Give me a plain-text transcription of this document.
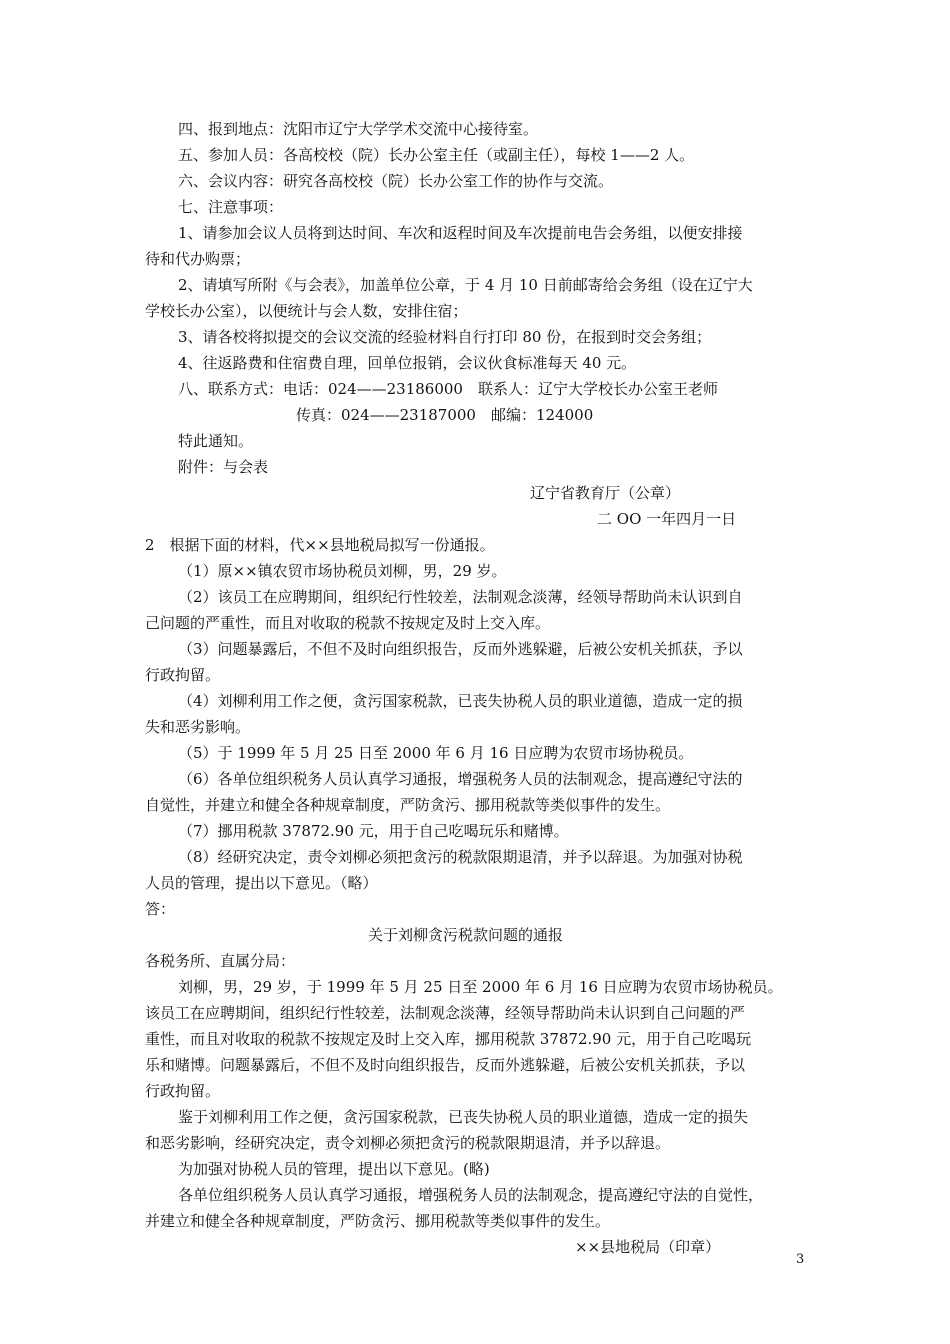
四、报到地点：沈阳市辽宁大学学术交流中心接待室。
五、参加人员：各高校校（院）长办公室主任（或副主任），每校 1——2 人。
六、会议内容：研究各高校校（院）长办公室工作的协作与交流。
七、注意事项：
1、请参加会议人员将到达时间、车次和返程时间及车次提前电告会务组，以便安排接
待和代办购票；
2、请填写所附《与会表》，加盖单位公章，于 4 月 10 日前邮寄给会务组（设在辽宁大
学校长办公室），以便统计与会人数，安排住宿；
3、请各校将拟提交的会议交流的经验材料自行打印 80 份，在报到时交会务组；
4、往返路费和住宿费自理，回单位报销，会议伙食标准每天 40 元。
八、联系方式：电话：024——23186000　联系人：辽宁大学校长办公室王老师
传真：024——23187000　邮编：124000
特此通知。
附件：与会表
辽宁省教育厅（公章）
二 OO 一年四月一日
2　根据下面的材料，代××县地税局拟写一份通报。
（1）原××镇农贸市场协税员刘柳，男，29 岁。
（2）该员工在应聘期间，组织纪行性较差，法制观念淡薄，经领导帮助尚未认识到自
己问题的严重性，而且对收取的税款不按规定及时上交入库。
（3）问题暴露后，不但不及时向组织报告，反而外逃躲避，后被公安机关抓获，予以
行政拘留。
（4）刘柳利用工作之便，贪污国家税款，已丧失协税人员的职业道德，造成一定的损
失和恶劣影响。
（5）于 1999 年 5 月 25 日至 2000 年 6 月 16 日应聘为农贸市场协税员。
（6）各单位组织税务人员认真学习通报，增强税务人员的法制观念，提高遵纪守法的
自觉性，并建立和健全各种规章制度，严防贪污、挪用税款等类似事件的发生。
（7）挪用税款 37872.90 元，用于自己吃喝玩乐和赌博。
（8）经研究决定，责令刘柳必须把贪污的税款限期退清，并予以辞退。为加强对协税
人员的管理，提出以下意见。（略）
答：
关于刘柳贪污税款问题的通报
各税务所、直属分局：
刘柳，男，29 岁，于 1999 年 5 月 25 日至 2000 年 6 月 16 日应聘为农贸市场协税员。
该员工在应聘期间，组织纪行性较差，法制观念淡薄，经领导帮助尚未认识到自己问题的严
重性，而且对收取的税款不按规定及时上交入库，挪用税款 37872.90 元，用于自己吃喝玩
乐和赌博。问题暴露后，不但不及时向组织报告，反而外逃躲避，后被公安机关抓获，予以
行政拘留。
鉴于刘柳利用工作之便，贪污国家税款，已丧失协税人员的职业道德，造成一定的损失
和恶劣影响，经研究决定，责令刘柳必须把贪污的税款限期退清，并予以辞退。
为加强对协税人员的管理，提出以下意见。(略)
各单位组织税务人员认真学习通报，增强税务人员的法制观念，提高遵纪守法的自觉性，
并建立和健全各种规章制度，严防贪污、挪用税款等类似事件的发生。
××县地税局（印章）
3
